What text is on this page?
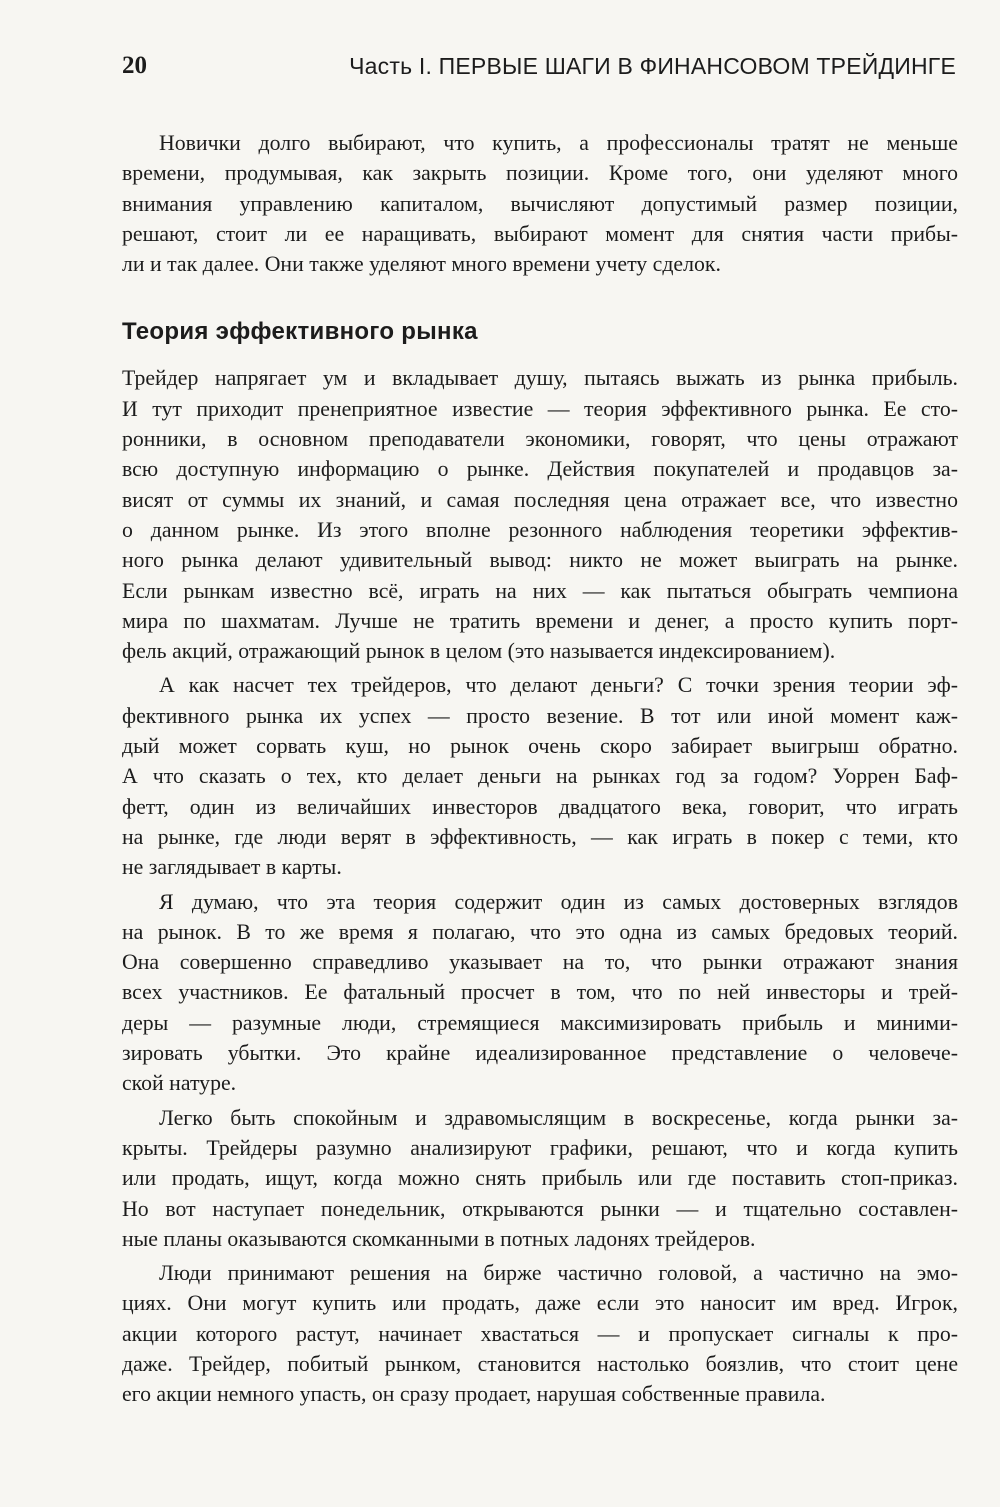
20	Часть I. ПЕРВЫЕ ШАГИ В ФИНАНСОВОМ ТРЕЙДИНГЕ

Новички долго выбирают, что купить, а профессионалы тратят не меньше
времени, продумывая, как закрыть позиции. Кроме того, они уделяют много
внимания управлению капиталом, вычисляют допустимый размер позиции,
решают, стоит ли ее наращивать, выбирают момент для снятия части прибы-
ли и так далее. Они также уделяют много времени учету сделок.

Теория эффективного рынка

Трейдер напрягает ум и вкладывает душу, пытаясь выжать из рынка прибыль.
И тут приходит пренеприятное известие — теория эффективного рынка. Ее сто-
ронники, в основном преподаватели экономики, говорят, что цены отражают
всю доступную информацию о рынке. Действия покупателей и продавцов за-
висят от суммы их знаний, и самая последняя цена отражает все, что известно
о данном рынке. Из этого вполне резонного наблюдения теоретики эффектив-
ного рынка делают удивительный вывод: никто не может выиграть на рынке.
Если рынкам известно всё, играть на них — как пытаться обыграть чемпиона
мира по шахматам. Лучше не тратить времени и денег, а просто купить порт-
фель акций, отражающий рынок в целом (это называется индексированием).

А как насчет тех трейдеров, что делают деньги? С точки зрения теории эф-
фективного рынка их успех — просто везение. В тот или иной момент каж-
дый может сорвать куш, но рынок очень скоро забирает выигрыш обратно.
А что сказать о тех, кто делает деньги на рынках год за годом? Уоррен Баф-
фетт, один из величайших инвесторов двадцатого века, говорит, что играть
на рынке, где люди верят в эффективность, — как играть в покер с теми, кто
не заглядывает в карты.

Я думаю, что эта теория содержит один из самых достоверных взглядов
на рынок. В то же время я полагаю, что это одна из самых бредовых теорий.
Она совершенно справедливо указывает на то, что рынки отражают знания
всех участников. Ее фатальный просчет в том, что по ней инвесторы и трей-
деры — разумные люди, стремящиеся максимизировать прибыль и миними-
зировать убытки. Это крайне идеализированное представление о человече-
ской натуре.

Легко быть спокойным и здравомыслящим в воскресенье, когда рынки за-
крыты. Трейдеры разумно анализируют графики, решают, что и когда купить
или продать, ищут, когда можно снять прибыль или где поставить стоп-приказ.
Но вот наступает понедельник, открываются рынки — и тщательно составлен-
ные планы оказываются скомканными в потных ладонях трейдеров.

Люди принимают решения на бирже частично головой, а частично на эмо-
циях. Они могут купить или продать, даже если это наносит им вред. Игрок,
акции которого растут, начинает хвастаться — и пропускает сигналы к про-
даже. Трейдер, побитый рынком, становится настолько боязлив, что стоит цене
его акции немного упасть, он сразу продает, нарушая собственные правила.
